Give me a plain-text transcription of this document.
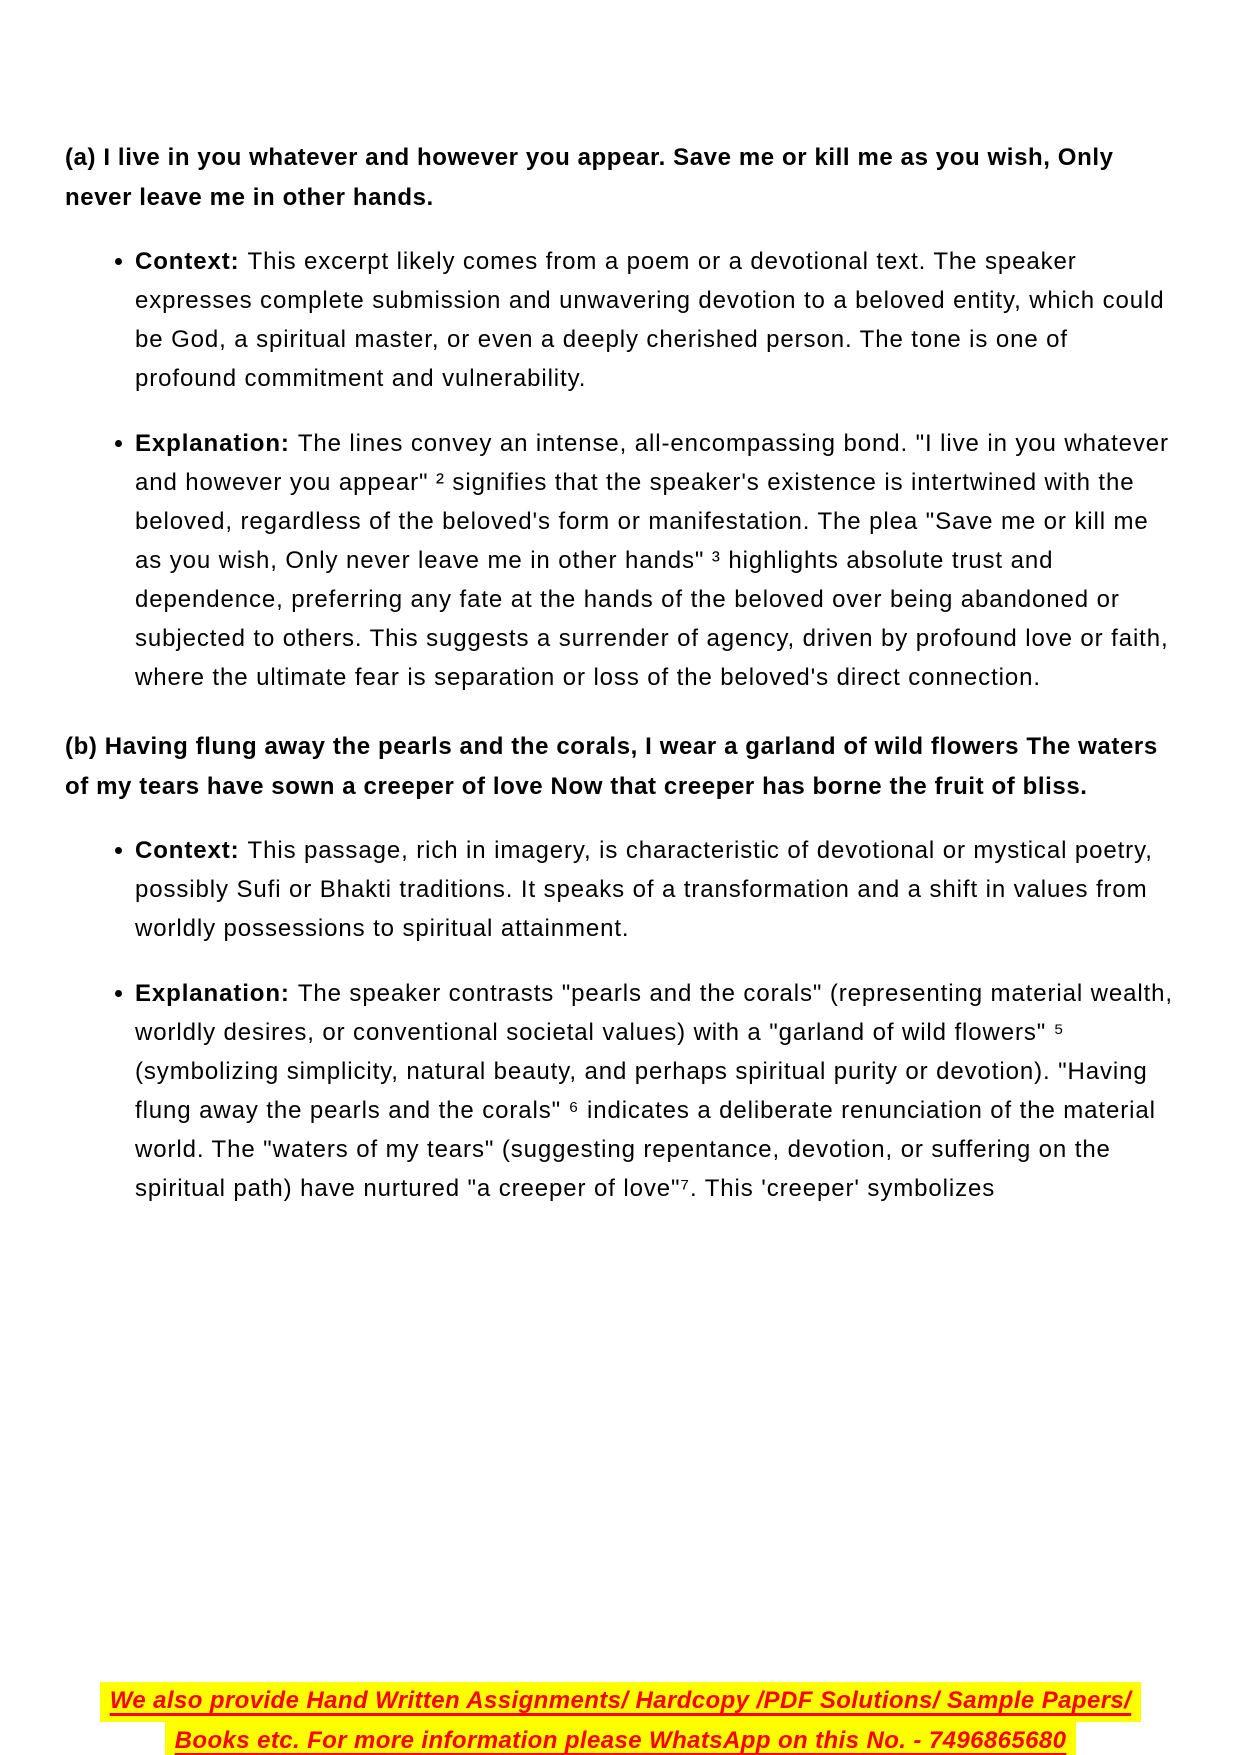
(a) I live in you whatever and however you appear. Save me or kill me as you wish, Only never leave me in other hands.
Context: This excerpt likely comes from a poem or a devotional text. The speaker expresses complete submission and unwavering devotion to a beloved entity, which could be God, a spiritual master, or even a deeply cherished person. The tone is one of profound commitment and vulnerability.
Explanation: The lines convey an intense, all-encompassing bond. "I live in you whatever and however you appear" ² signifies that the speaker's existence is intertwined with the beloved, regardless of the beloved's form or manifestation. The plea "Save me or kill me as you wish, Only never leave me in other hands" ³ highlights absolute trust and dependence, preferring any fate at the hands of the beloved over being abandoned or subjected to others. This suggests a surrender of agency, driven by profound love or faith, where the ultimate fear is separation or loss of the beloved's direct connection.
(b) Having flung away the pearls and the corals, I wear a garland of wild flowers The waters of my tears have sown a creeper of love Now that creeper has borne the fruit of bliss.
Context: This passage, rich in imagery, is characteristic of devotional or mystical poetry, possibly Sufi or Bhakti traditions. It speaks of a transformation and a shift in values from worldly possessions to spiritual attainment.
Explanation: The speaker contrasts "pearls and the corals" (representing material wealth, worldly desires, or conventional societal values) with a "garland of wild flowers" ⁵ (symbolizing simplicity, natural beauty, and perhaps spiritual purity or devotion). "Having flung away the pearls and the corals" ⁶ indicates a deliberate renunciation of the material world. The "waters of my tears" (suggesting repentance, devotion, or suffering on the spiritual path) have nurtured "a creeper of love"⁷. This 'creeper' symbolizes
We also provide Hand Written Assignments/ Hardcopy /PDF Solutions/ Sample Papers/
Books etc. For more information please WhatsApp on this No. - 7496865680
